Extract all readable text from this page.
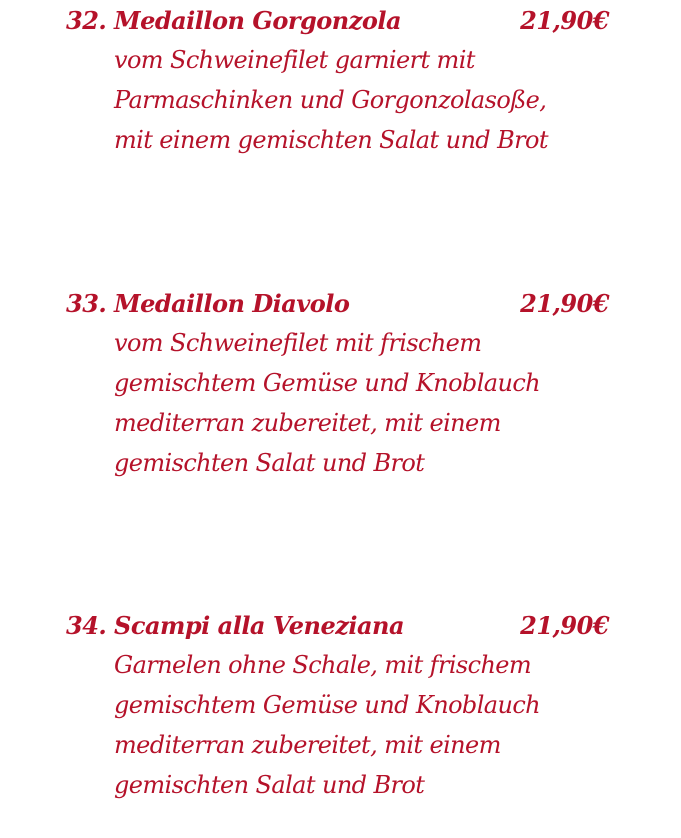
32. Medaillon Gorgonzola	21,90€
vom Schweinefilet garniert mit
Parmaschinken und Gorgonzolasoße,
mit einem gemischten Salat und Brot
33. Medaillon Diavolo	21,90€
vom Schweinefilet mit frischem
gemischtem Gemüse und Knoblauch
mediterran zubereitet, mit einem
gemischten Salat und Brot
34. Scampi alla Veneziana	21,90€
Garnelen ohne Schale, mit frischem
gemischtem Gemüse und Knoblauch
mediterran zubereitet, mit einem
gemischten Salat und Brot
